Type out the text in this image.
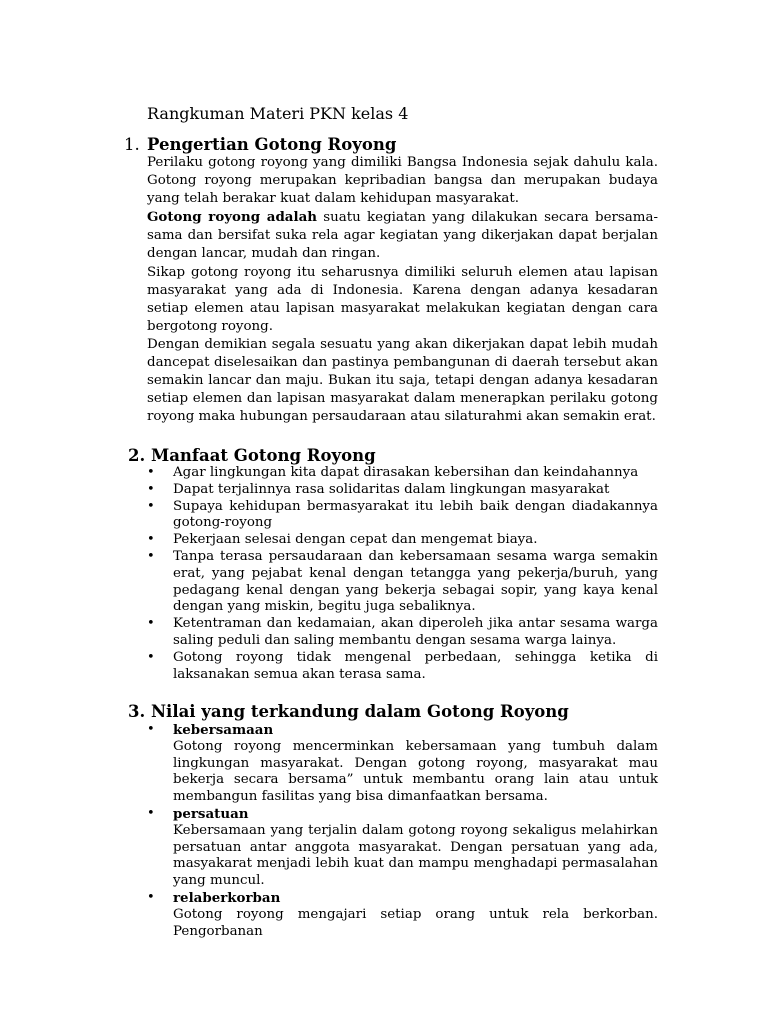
Rangkuman Materi PKN kelas 4
1. Pengertian Gotong Royong

Perilaku gotong royong yang dimiliki Bangsa Indonesia sejak dahulu kala. Gotong royong merupakan kepribadian bangsa dan merupakan budaya yang telah berakar kuat dalam kehidupan masyarakat.

Gotong royong adalah suatu kegiatan yang dilakukan secara bersama-sama dan bersifat suka rela agar kegiatan yang dikerjakan dapat berjalan dengan lancar, mudah dan ringan.

Sikap gotong royong itu seharusnya dimiliki seluruh elemen atau lapisan masyarakat yang ada di Indonesia. Karena dengan adanya kesadaran setiap elemen atau lapisan masyarakat melakukan kegiatan dengan cara bergotong royong.

Dengan demikian segala sesuatu yang akan dikerjakan dapat lebih mudah dancepat diselesaikan dan pastinya pembangunan di daerah tersebut akan semakin lancar dan maju. Bukan itu saja, tetapi dengan adanya kesadaran setiap elemen dan lapisan masyarakat dalam menerapkan perilaku gotong royong maka hubungan persaudaraan atau silaturahmi akan semakin erat.

2. Manfaat Gotong Royong
• Agar lingkungan kita dapat dirasakan kebersihan dan keindahannya
• Dapat terjalinnya rasa solidaritas dalam lingkungan masyarakat
• Supaya kehidupan bermasyarakat itu lebih baik dengan diadakannya gotong-royong
• Pekerjaan selesai dengan cepat dan mengemat biaya.
• Tanpa terasa persaudaraan dan kebersamaan sesama warga semakin erat, yang pejabat kenal dengan tetangga yang pekerja/buruh, yang pedagang kenal dengan yang bekerja sebagai sopir, yang kaya kenal dengan yang miskin, begitu juga sebaliknya.
• Ketentraman dan kedamaian, akan diperoleh jika antar sesama warga saling peduli dan saling membantu dengan sesama warga lainya.
• Gotong royong tidak mengenal perbedaan, sehingga ketika di laksanakan semua akan terasa sama.
3. Nilai yang terkandung dalam Gotong Royong
• kebersamaan
Gotong royong mencerminkan kebersamaan yang tumbuh dalam lingkungan masyarakat. Dengan gotong royong, masyarakat mau bekerja secara bersama” untuk membantu orang lain atau untuk membangun fasilitas yang bisa dimanfaatkan bersama.
• persatuan
Kebersamaan yang terjalin dalam gotong royong sekaligus melahirkan persatuan antar anggota masyarakat. Dengan persatuan yang ada, masyakarat menjadi lebih kuat dan mampu menghadapi permasalahan yang muncul.
• relaberkorban
Gotong royong mengajari setiap orang untuk rela berkorban. Pengorbanan
